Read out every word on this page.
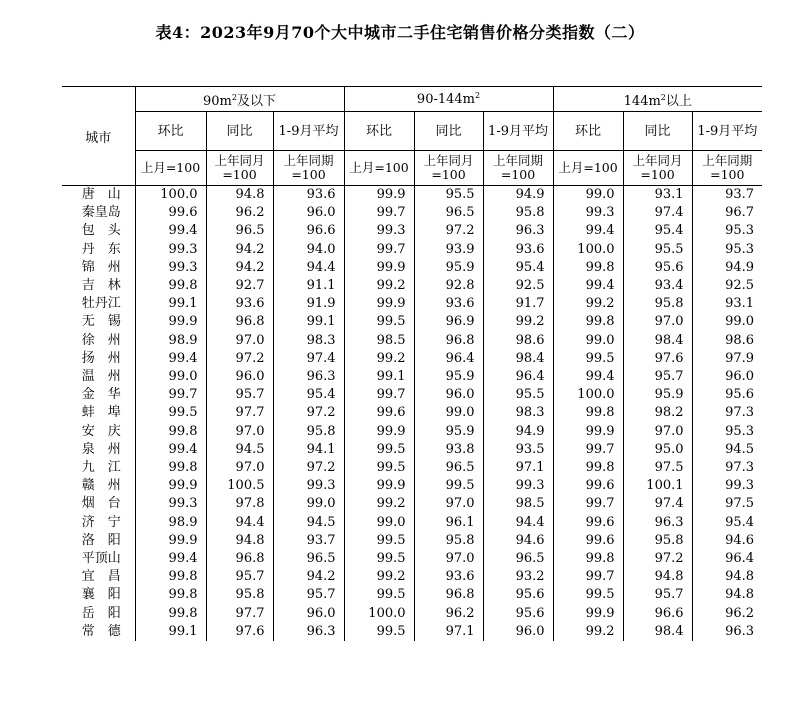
表4：2023年9月70个大中城市二手住宅销售价格分类指数（二）
城市	$90m^2$及以下			$90-144m^2$			$144m^2$以上		
	环比	同比	1-9月平均	环比	同比	1-9月平均	环比	同比	1-9月平均
	上月=100	上年同月=100	上年同期=100	上月=100	上年同月=100	上年同期=100	上月=100	上年同月=100	上年同期=100
唐　山	100.0	94.8	93.6	99.9	95.5	94.9	99.0	93.1	93.7
秦皇岛	99.6	96.2	96.0	99.7	96.5	95.8	99.3	97.4	96.7
包　头	99.4	96.5	96.6	99.3	97.2	96.3	99.4	95.4	95.3
丹　东	99.3	94.2	94.0	99.7	93.9	93.6	100.0	95.5	95.3
锦　州	99.3	94.2	94.4	99.9	95.9	95.4	99.8	95.6	94.9
吉　林	99.8	92.7	91.1	99.2	92.8	92.5	99.4	93.4	92.5
牡丹江	99.1	93.6	91.9	99.9	93.6	91.7	99.2	95.8	93.1
无　锡	99.9	96.8	99.1	99.5	96.9	99.2	99.8	97.0	99.0
徐　州	98.9	97.0	98.3	98.5	96.8	98.6	99.0	98.4	98.6
扬　州	99.4	97.2	97.4	99.2	96.4	98.4	99.5	97.6	97.9
温　州	99.0	96.0	96.3	99.1	95.9	96.4	99.4	95.7	96.0
金　华	99.7	95.7	95.4	99.7	96.0	95.5	100.0	95.9	95.6
蚌　埠	99.5	97.7	97.2	99.6	99.0	98.3	99.8	98.2	97.3
安　庆	99.8	97.0	95.8	99.9	95.9	94.9	99.9	97.0	95.3
泉　州	99.4	94.5	94.1	99.5	93.8	93.5	99.7	95.0	94.5
九　江	99.8	97.0	97.2	99.5	96.5	97.1	99.8	97.5	97.3
赣　州	99.9	100.5	99.3	99.9	99.5	99.3	99.6	100.1	99.3
烟　台	99.3	97.8	99.0	99.2	97.0	98.5	99.7	97.4	97.5
济　宁	98.9	94.4	94.5	99.0	96.1	94.4	99.6	96.3	95.4
洛　阳	99.9	94.8	93.7	99.5	95.8	94.6	99.6	95.8	94.6
平顶山	99.4	96.8	96.5	99.5	97.0	96.5	99.8	97.2	96.4
宜　昌	99.8	95.7	94.2	99.2	93.6	93.2	99.7	94.8	94.8
襄　阳	99.8	95.8	95.7	99.5	96.8	95.6	99.5	95.7	94.8
岳　阳	99.8	97.7	96.0	100.0	96.2	95.6	99.9	96.6	96.2
常　德	99.1	97.6	96.3	99.5	97.1	96.0	99.2	98.4	96.3
